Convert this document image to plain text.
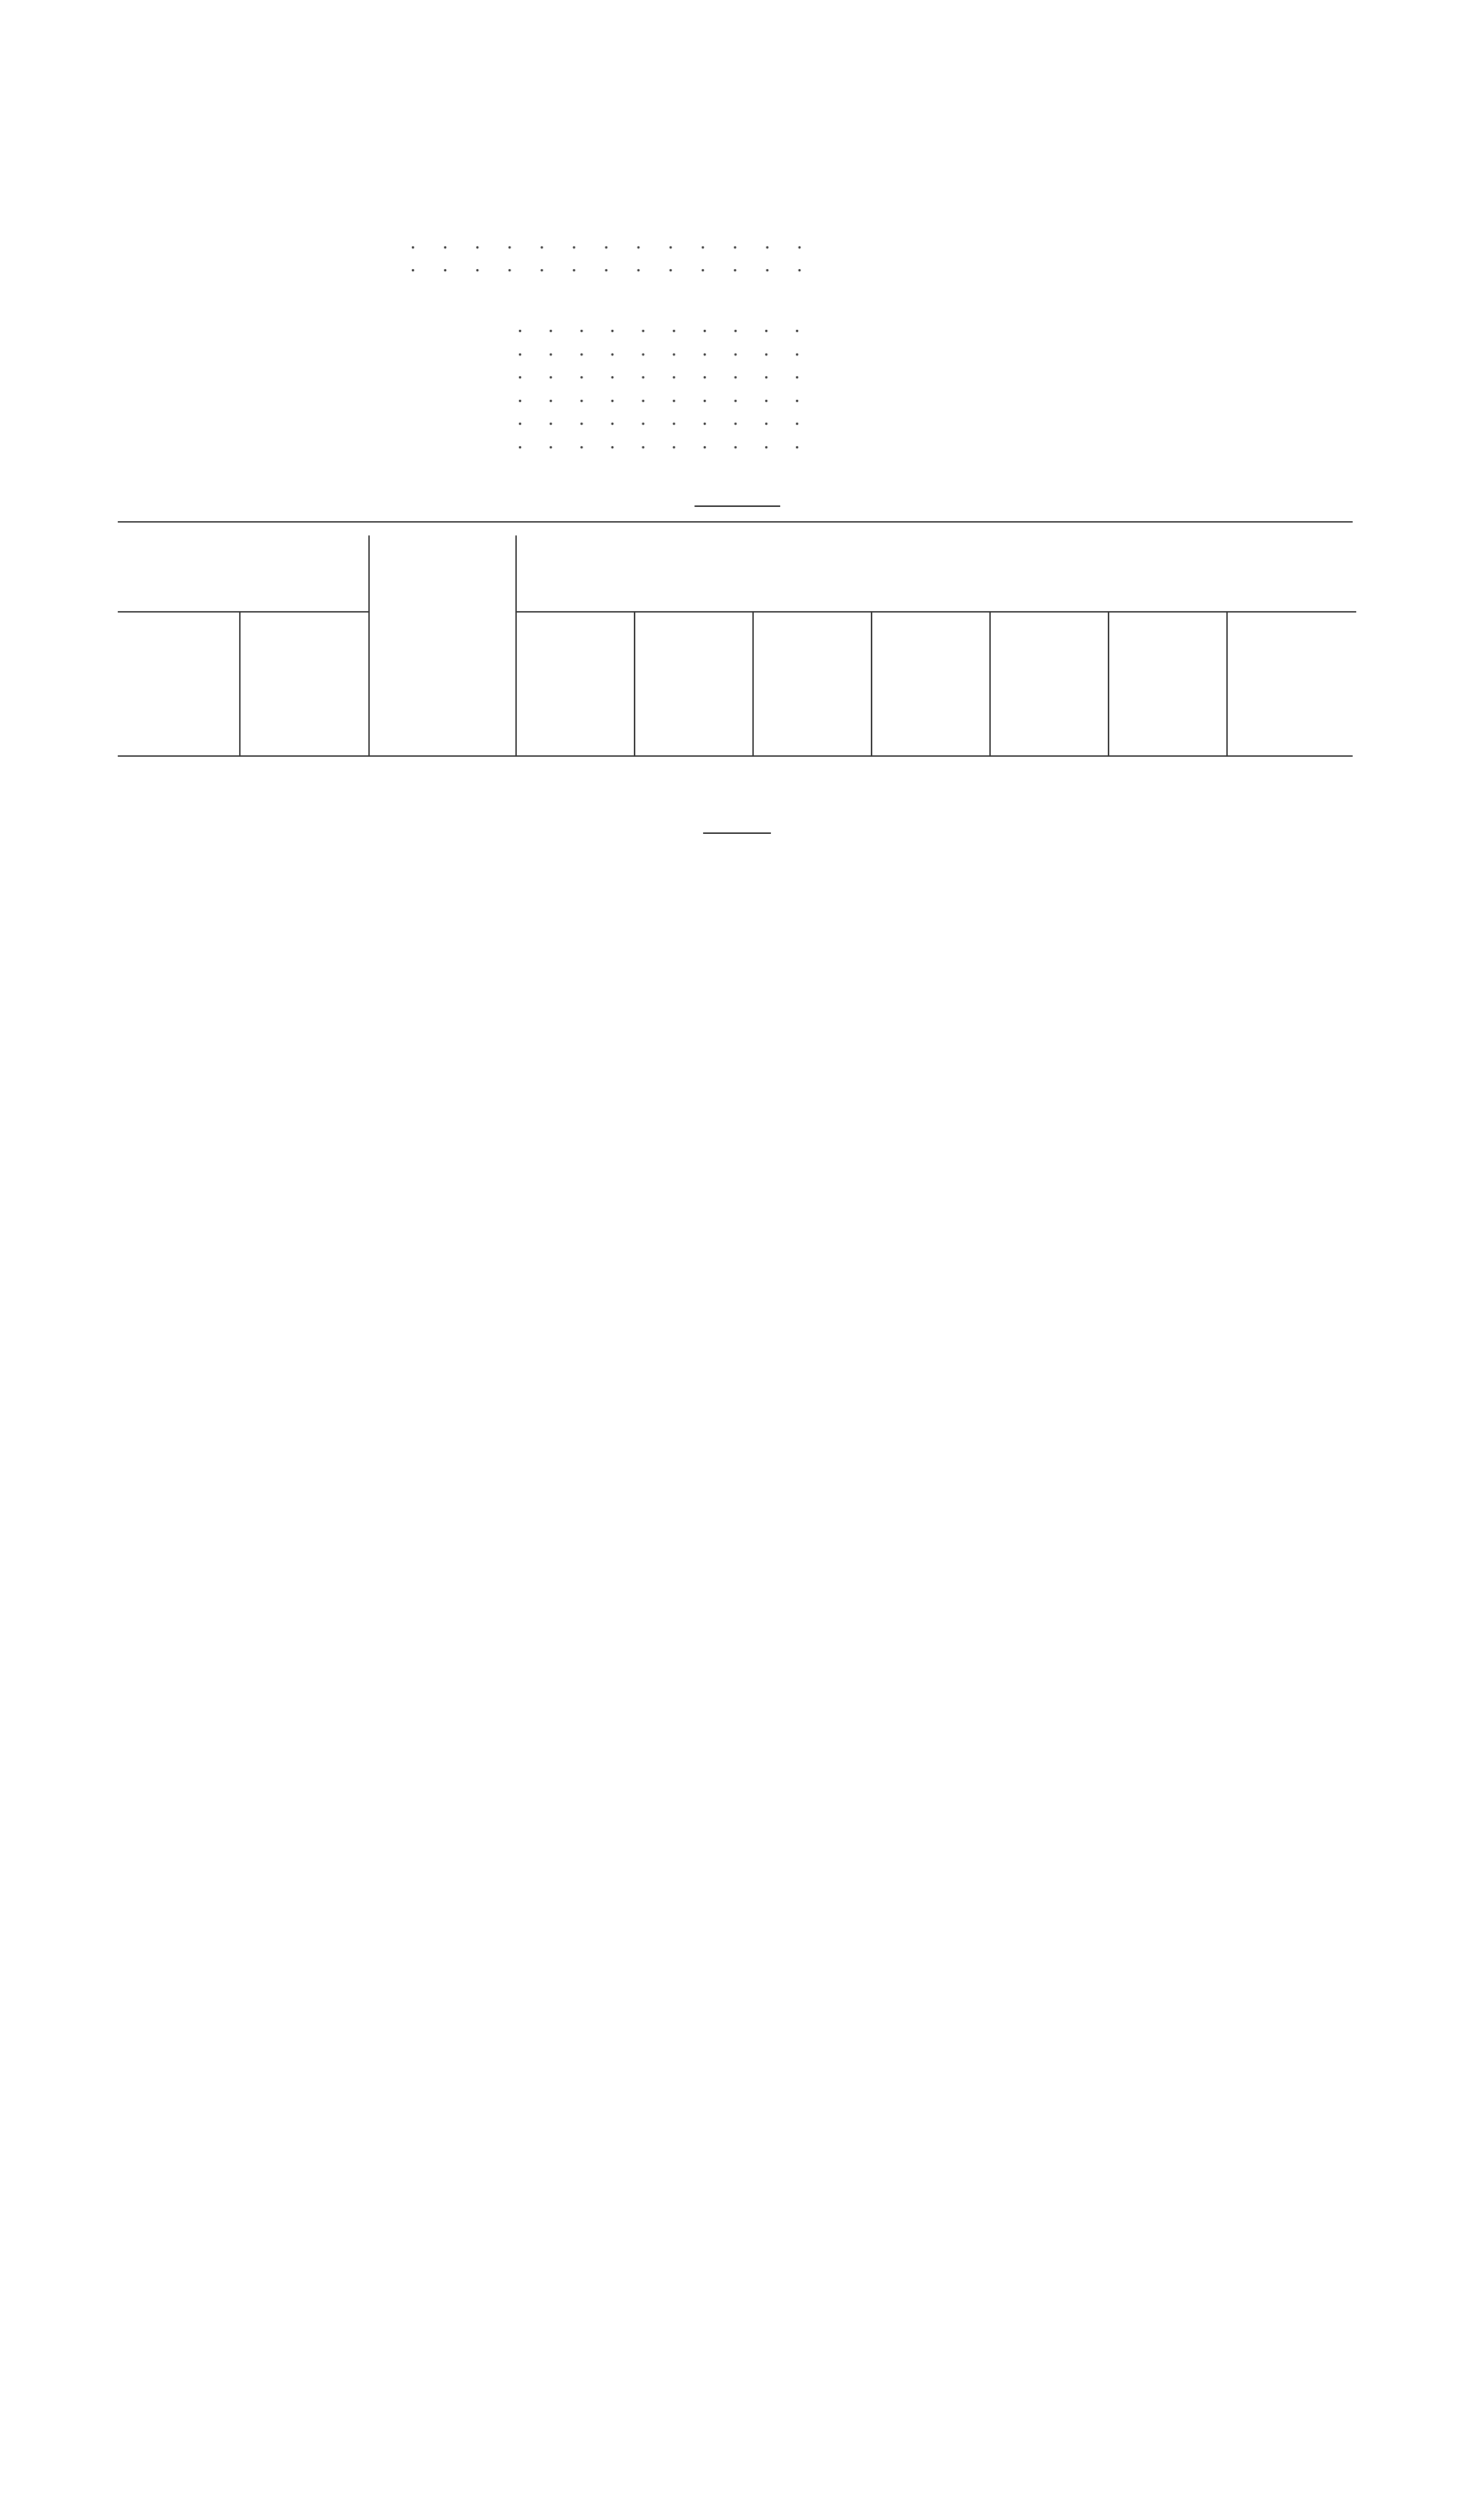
.............
.............

..........
..........
..........
..........
..........
..........
